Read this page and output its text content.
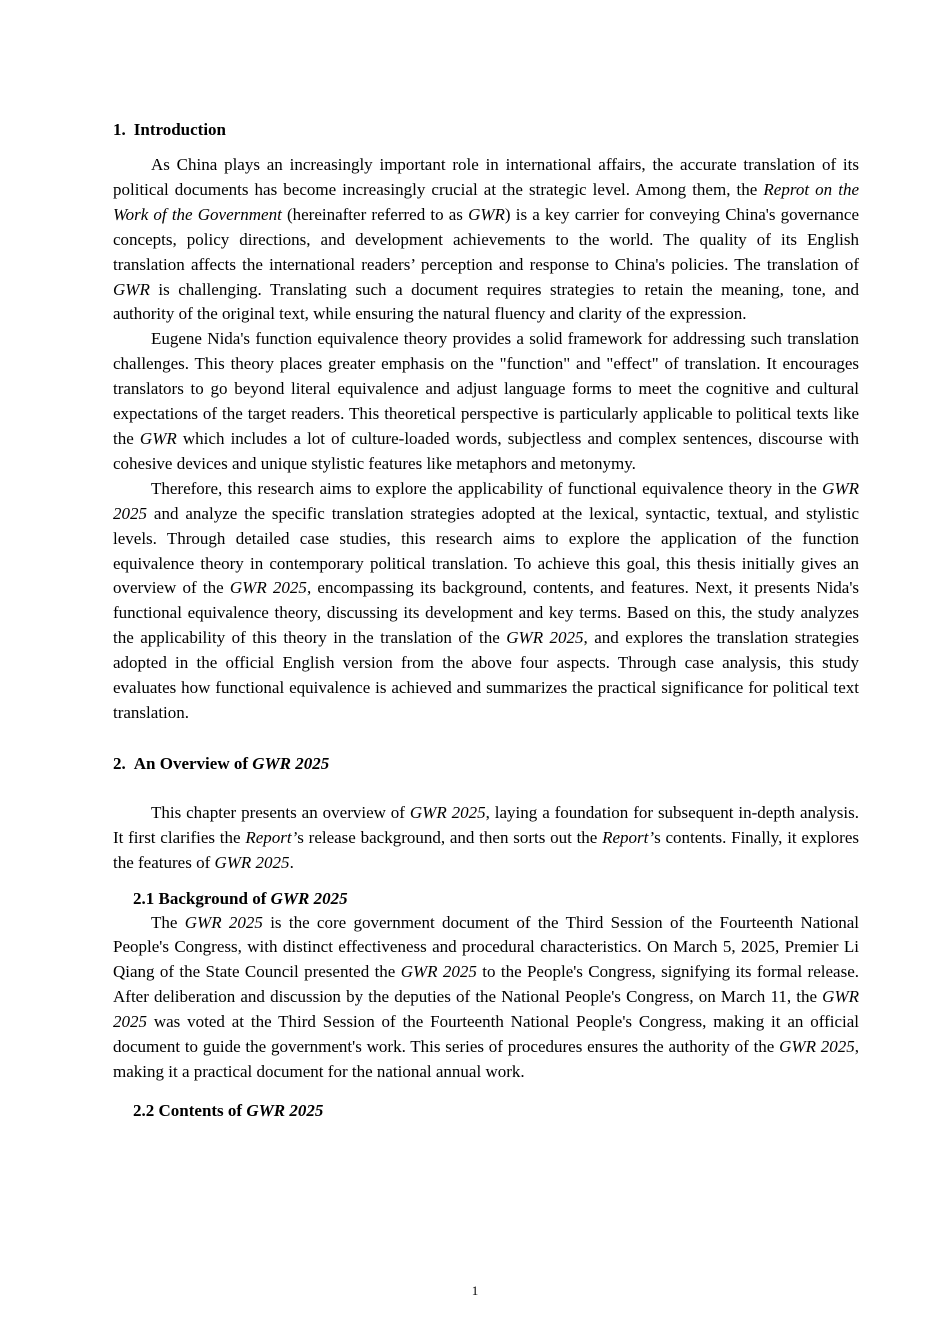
1. Introduction

As China plays an increasingly important role in international affairs, the accurate translation of its political documents has become increasingly crucial at the strategic level. Among them, the Reprot on the Work of the Government (hereinafter referred to as GWR) is a key carrier for conveying China's governance concepts, policy directions, and development achievements to the world. The quality of its English translation affects the international readers’ perception and response to China's policies. The translation of GWR is challenging. Translating such a document requires strategies to retain the meaning, tone, and authority of the original text, while ensuring the natural fluency and clarity of the expression.

Eugene Nida's function equivalence theory provides a solid framework for addressing such translation challenges. This theory places greater emphasis on the "function" and "effect" of translation. It encourages translators to go beyond literal equivalence and adjust language forms to meet the cognitive and cultural expectations of the target readers. This theoretical perspective is particularly applicable to political texts like the GWR which includes a lot of culture-loaded words, subjectless and complex sentences, discourse with cohesive devices and unique stylistic features like metaphors and metonymy.

Therefore, this research aims to explore the applicability of functional equivalence theory in the GWR 2025 and analyze the specific translation strategies adopted at the lexical, syntactic, textual, and stylistic levels. Through detailed case studies, this research aims to explore the application of the function equivalence theory in contemporary political translation. To achieve this goal, this thesis initially gives an overview of the GWR 2025, encompassing its background, contents, and features. Next, it presents Nida's functional equivalence theory, discussing its development and key terms. Based on this, the study analyzes the applicability of this theory in the translation of the GWR 2025, and explores the translation strategies adopted in the official English version from the above four aspects. Through case analysis, this study evaluates how functional equivalence is achieved and summarizes the practical significance for political text translation.

2. An Overview of GWR 2025

This chapter presents an overview of GWR 2025, laying a foundation for subsequent in-depth analysis. It first clarifies the Report’s release background, and then sorts out the Report’s contents. Finally, it explores the features of GWR 2025.

2.1 Background of GWR 2025

The GWR 2025 is the core government document of the Third Session of the Fourteenth National People's Congress, with distinct effectiveness and procedural characteristics. On March 5, 2025, Premier Li Qiang of the State Council presented the GWR 2025 to the People's Congress, signifying its formal release. After deliberation and discussion by the deputies of the National People's Congress, on March 11, the GWR 2025 was voted at the Third Session of the Fourteenth National People's Congress, making it an official document to guide the government's work. This series of procedures ensures the authority of the GWR 2025, making it a practical document for the national annual work.

2.2 Contents of GWR 2025
1
